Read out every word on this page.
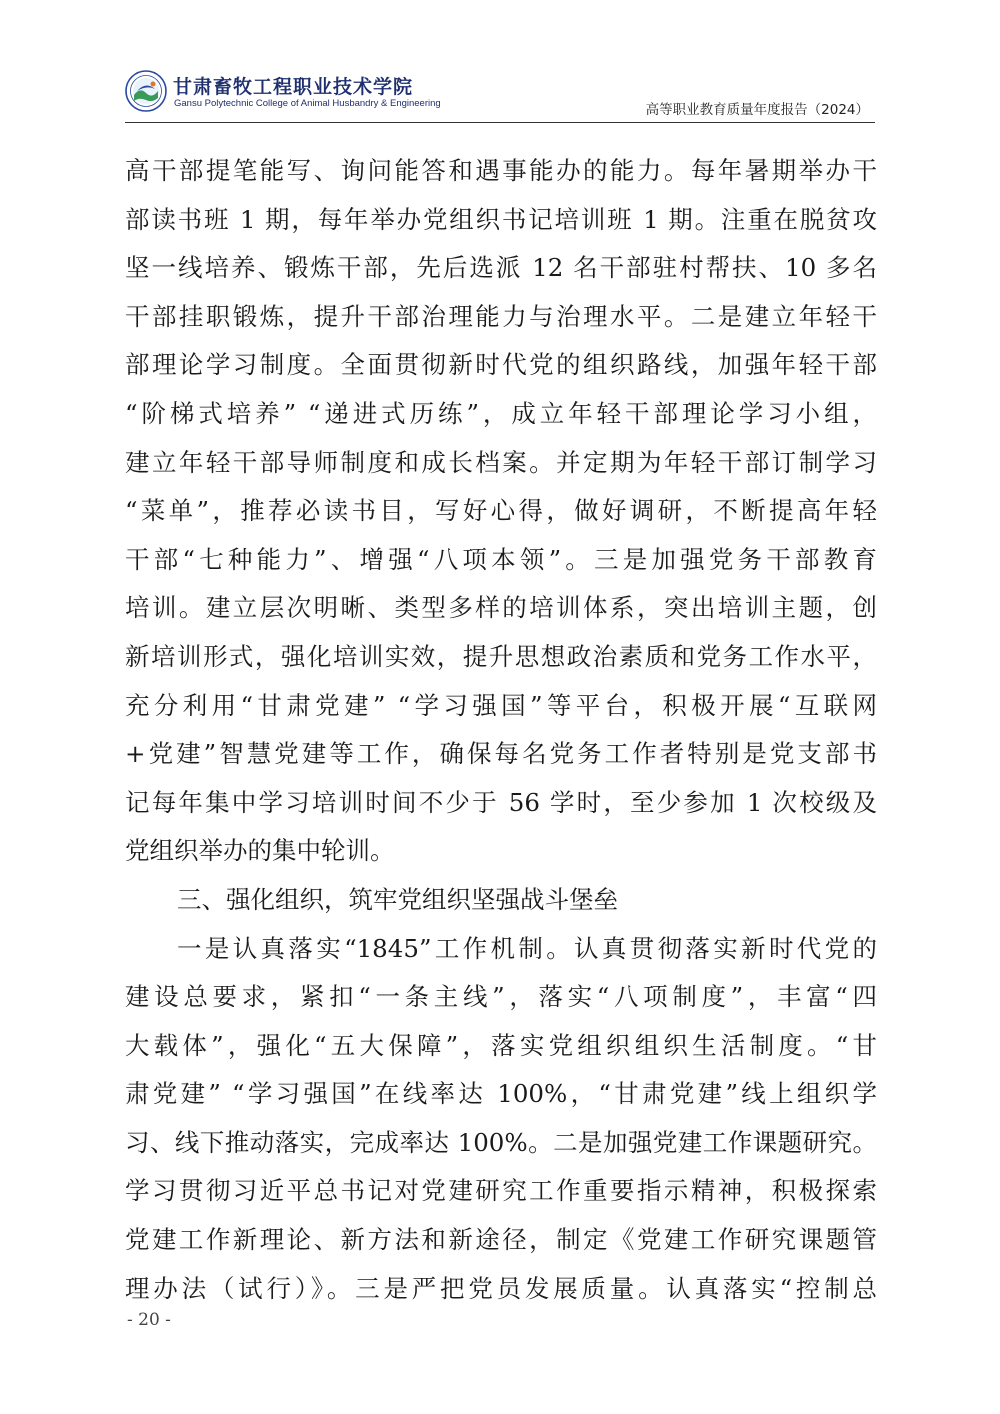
甘肃畜牧工程职业技术学院
Gansu Polytechnic College of Animal Husbandry & Engineering	高等职业教育质量年度报告（2024）
高干部提笔能写、询问能答和遇事能办的能力。每年暑期举办干
部读书班 1 期，每年举办党组织书记培训班 1 期。注重在脱贫攻
坚一线培养、锻炼干部，先后选派 12 名干部驻村帮扶、10 多名
干部挂职锻炼，提升干部治理能力与治理水平。二是建立年轻干
部理论学习制度。全面贯彻新时代党的组织路线，加强年轻干部
“阶梯式培养” “递进式历练”，成立年轻干部理论学习小组，
建立年轻干部导师制度和成长档案。并定期为年轻干部订制学习
“菜单”，推荐必读书目，写好心得，做好调研，不断提高年轻
干部“七种能力”、增强“八项本领”。三是加强党务干部教育
培训。建立层次明晰、类型多样的培训体系，突出培训主题，创
新培训形式，强化培训实效，提升思想政治素质和党务工作水平，
充分利用“甘肃党建” “学习强国”等平台，积极开展“互联网
+党建”智慧党建等工作，确保每名党务工作者特别是党支部书
记每年集中学习培训时间不少于 56 学时，至少参加 1 次校级及
党组织举办的集中轮训。
三、强化组织，筑牢党组织坚强战斗堡垒
一是认真落实“1845”工作机制。认真贯彻落实新时代党的
建设总要求，紧扣“一条主线”，落实“八项制度”，丰富“四
大载体”，强化“五大保障”，落实党组织组织生活制度。“甘
肃党建” “学习强国”在线率达 100%，“甘肃党建”线上组织学
习、线下推动落实，完成率达 100%。二是加强党建工作课题研究。
学习贯彻习近平总书记对党建研究工作重要指示精神，积极探索
党建工作新理论、新方法和新途径，制定《党建工作研究课题管
理办法（试行）》。三是严把党员发展质量。认真落实“控制总
- 20 -
